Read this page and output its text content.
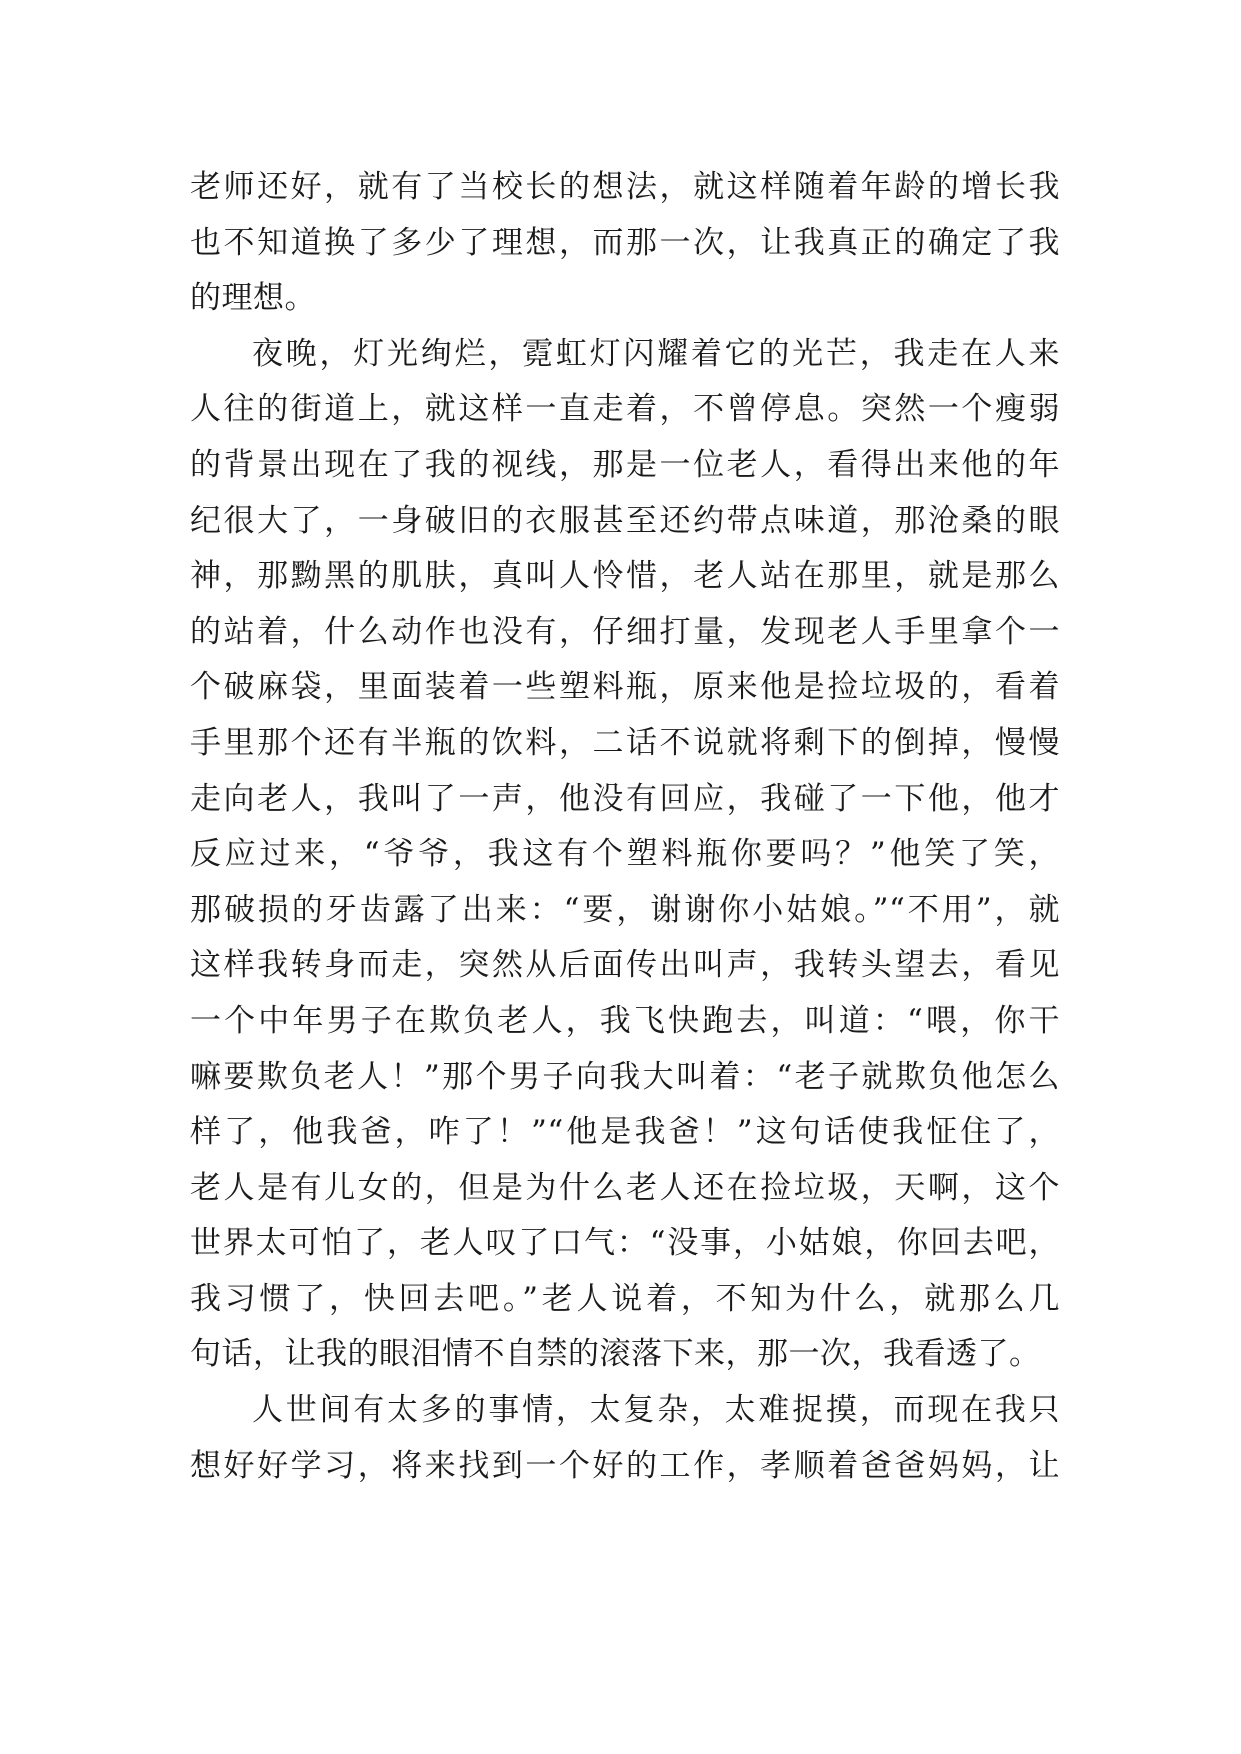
老师还好，就有了当校长的想法，就这样随着年龄的增长我
也不知道换了多少了理想，而那一次，让我真正的确定了我
的理想。
夜晚，灯光绚烂，霓虹灯闪耀着它的光芒，我走在人来
人往的街道上，就这样一直走着，不曾停息。突然一个瘦弱
的背景出现在了我的视线，那是一位老人，看得出来他的年
纪很大了，一身破旧的衣服甚至还约带点味道，那沧桑的眼
神，那黝黑的肌肤，真叫人怜惜，老人站在那里，就是那么
的站着，什么动作也没有，仔细打量，发现老人手里拿个一
个破麻袋，里面装着一些塑料瓶，原来他是捡垃圾的，看着
手里那个还有半瓶的饮料，二话不说就将剩下的倒掉，慢慢
走向老人，我叫了一声，他没有回应，我碰了一下他，他才
反应过来，“爷爷，我这有个塑料瓶你要吗？”他笑了笑，
那破损的牙齿露了出来：“要，谢谢你小姑娘。”“不用”，就
这样我转身而走，突然从后面传出叫声，我转头望去，看见
一个中年男子在欺负老人，我飞快跑去，叫道：“喂，你干
嘛要欺负老人！”那个男子向我大叫着：“老子就欺负他怎么
样了，他我爸，咋了！”“他是我爸！”这句话使我怔住了，
老人是有儿女的，但是为什么老人还在捡垃圾，天啊，这个
世界太可怕了，老人叹了口气：“没事，小姑娘，你回去吧，
我习惯了，快回去吧。”老人说着，不知为什么，就那么几
句话，让我的眼泪情不自禁的滚落下来，那一次，我看透了。
人世间有太多的事情，太复杂，太难捉摸，而现在我只
想好好学习，将来找到一个好的工作，孝顺着爸爸妈妈，让
